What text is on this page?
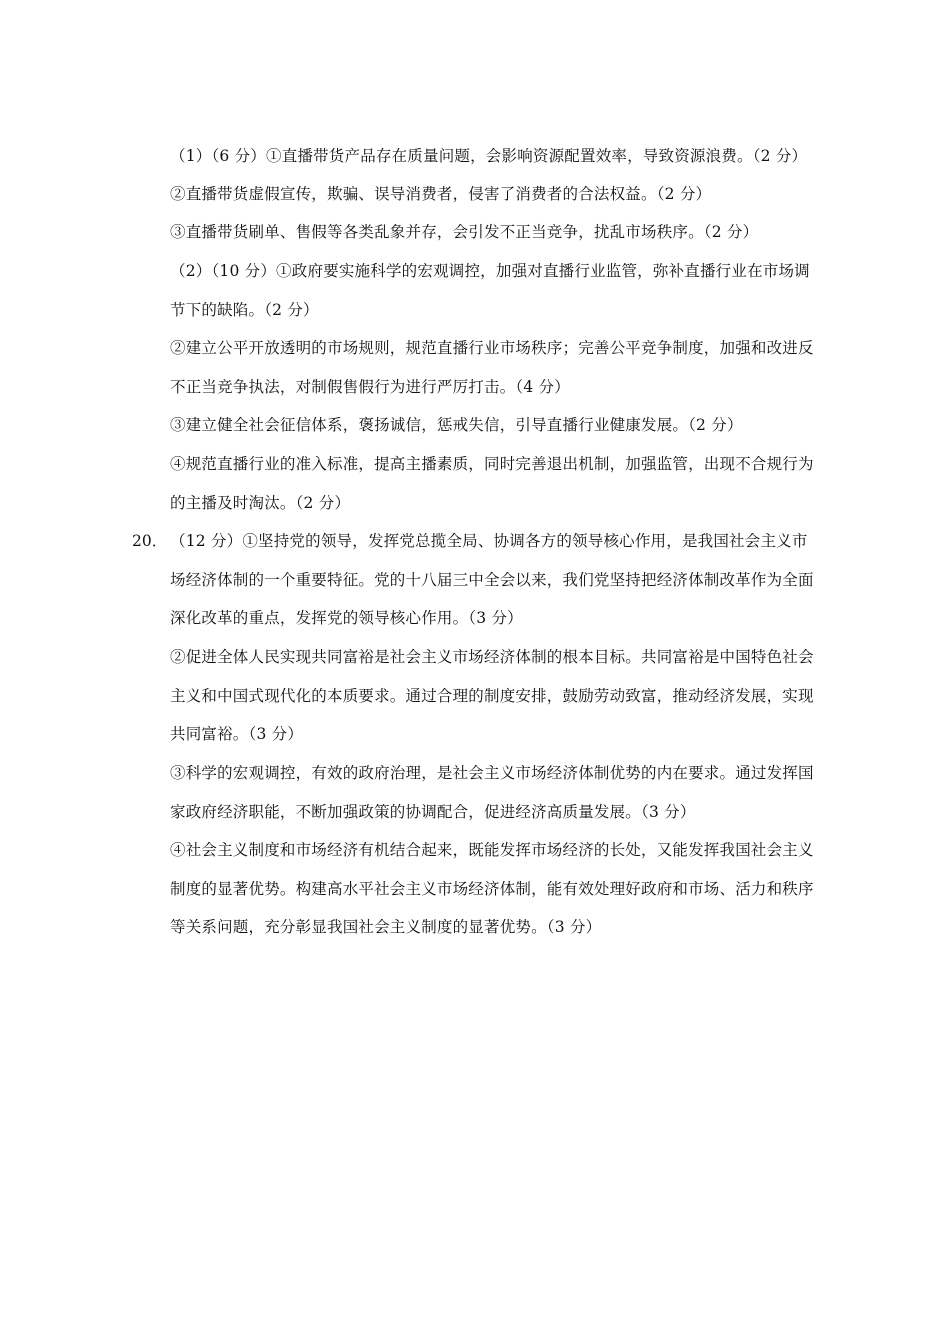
（1）（6 分）①直播带货产品存在质量问题，会影响资源配置效率，导致资源浪费。（2 分）
②直播带货虚假宣传，欺骗、误导消费者，侵害了消费者的合法权益。（2 分）
③直播带货刷单、售假等各类乱象并存，会引发不正当竞争，扰乱市场秩序。（2 分）
（2）（10 分）①政府要实施科学的宏观调控，加强对直播行业监管，弥补直播行业在市场调节下的缺陷。（2 分）
②建立公平开放透明的市场规则，规范直播行业市场秩序；完善公平竞争制度，加强和改进反不正当竞争执法，对制假售假行为进行严厉打击。（4 分）
③建立健全社会征信体系，褒扬诚信，惩戒失信，引导直播行业健康发展。（2 分）
④规范直播行业的准入标准，提高主播素质，同时完善退出机制，加强监管，出现不合规行为的主播及时淘汰。（2 分）
20． （12 分）①坚持党的领导，发挥党总揽全局、协调各方的领导核心作用，是我国社会主义市场经济体制的一个重要特征。党的十八届三中全会以来，我们党坚持把经济体制改革作为全面深化改革的重点，发挥党的领导核心作用。（3 分）
②促进全体人民实现共同富裕是社会主义市场经济体制的根本目标。共同富裕是中国特色社会主义和中国式现代化的本质要求。通过合理的制度安排，鼓励劳动致富，推动经济发展，实现共同富裕。（3 分）
③科学的宏观调控，有效的政府治理，是社会主义市场经济体制优势的内在要求。通过发挥国家政府经济职能，不断加强政策的协调配合，促进经济高质量发展。（3 分）
④社会主义制度和市场经济有机结合起来，既能发挥市场经济的长处，又能发挥我国社会主义制度的显著优势。构建高水平社会主义市场经济体制，能有效处理好政府和市场、活力和秩序等关系问题，充分彰显我国社会主义制度的显著优势。（3 分）
